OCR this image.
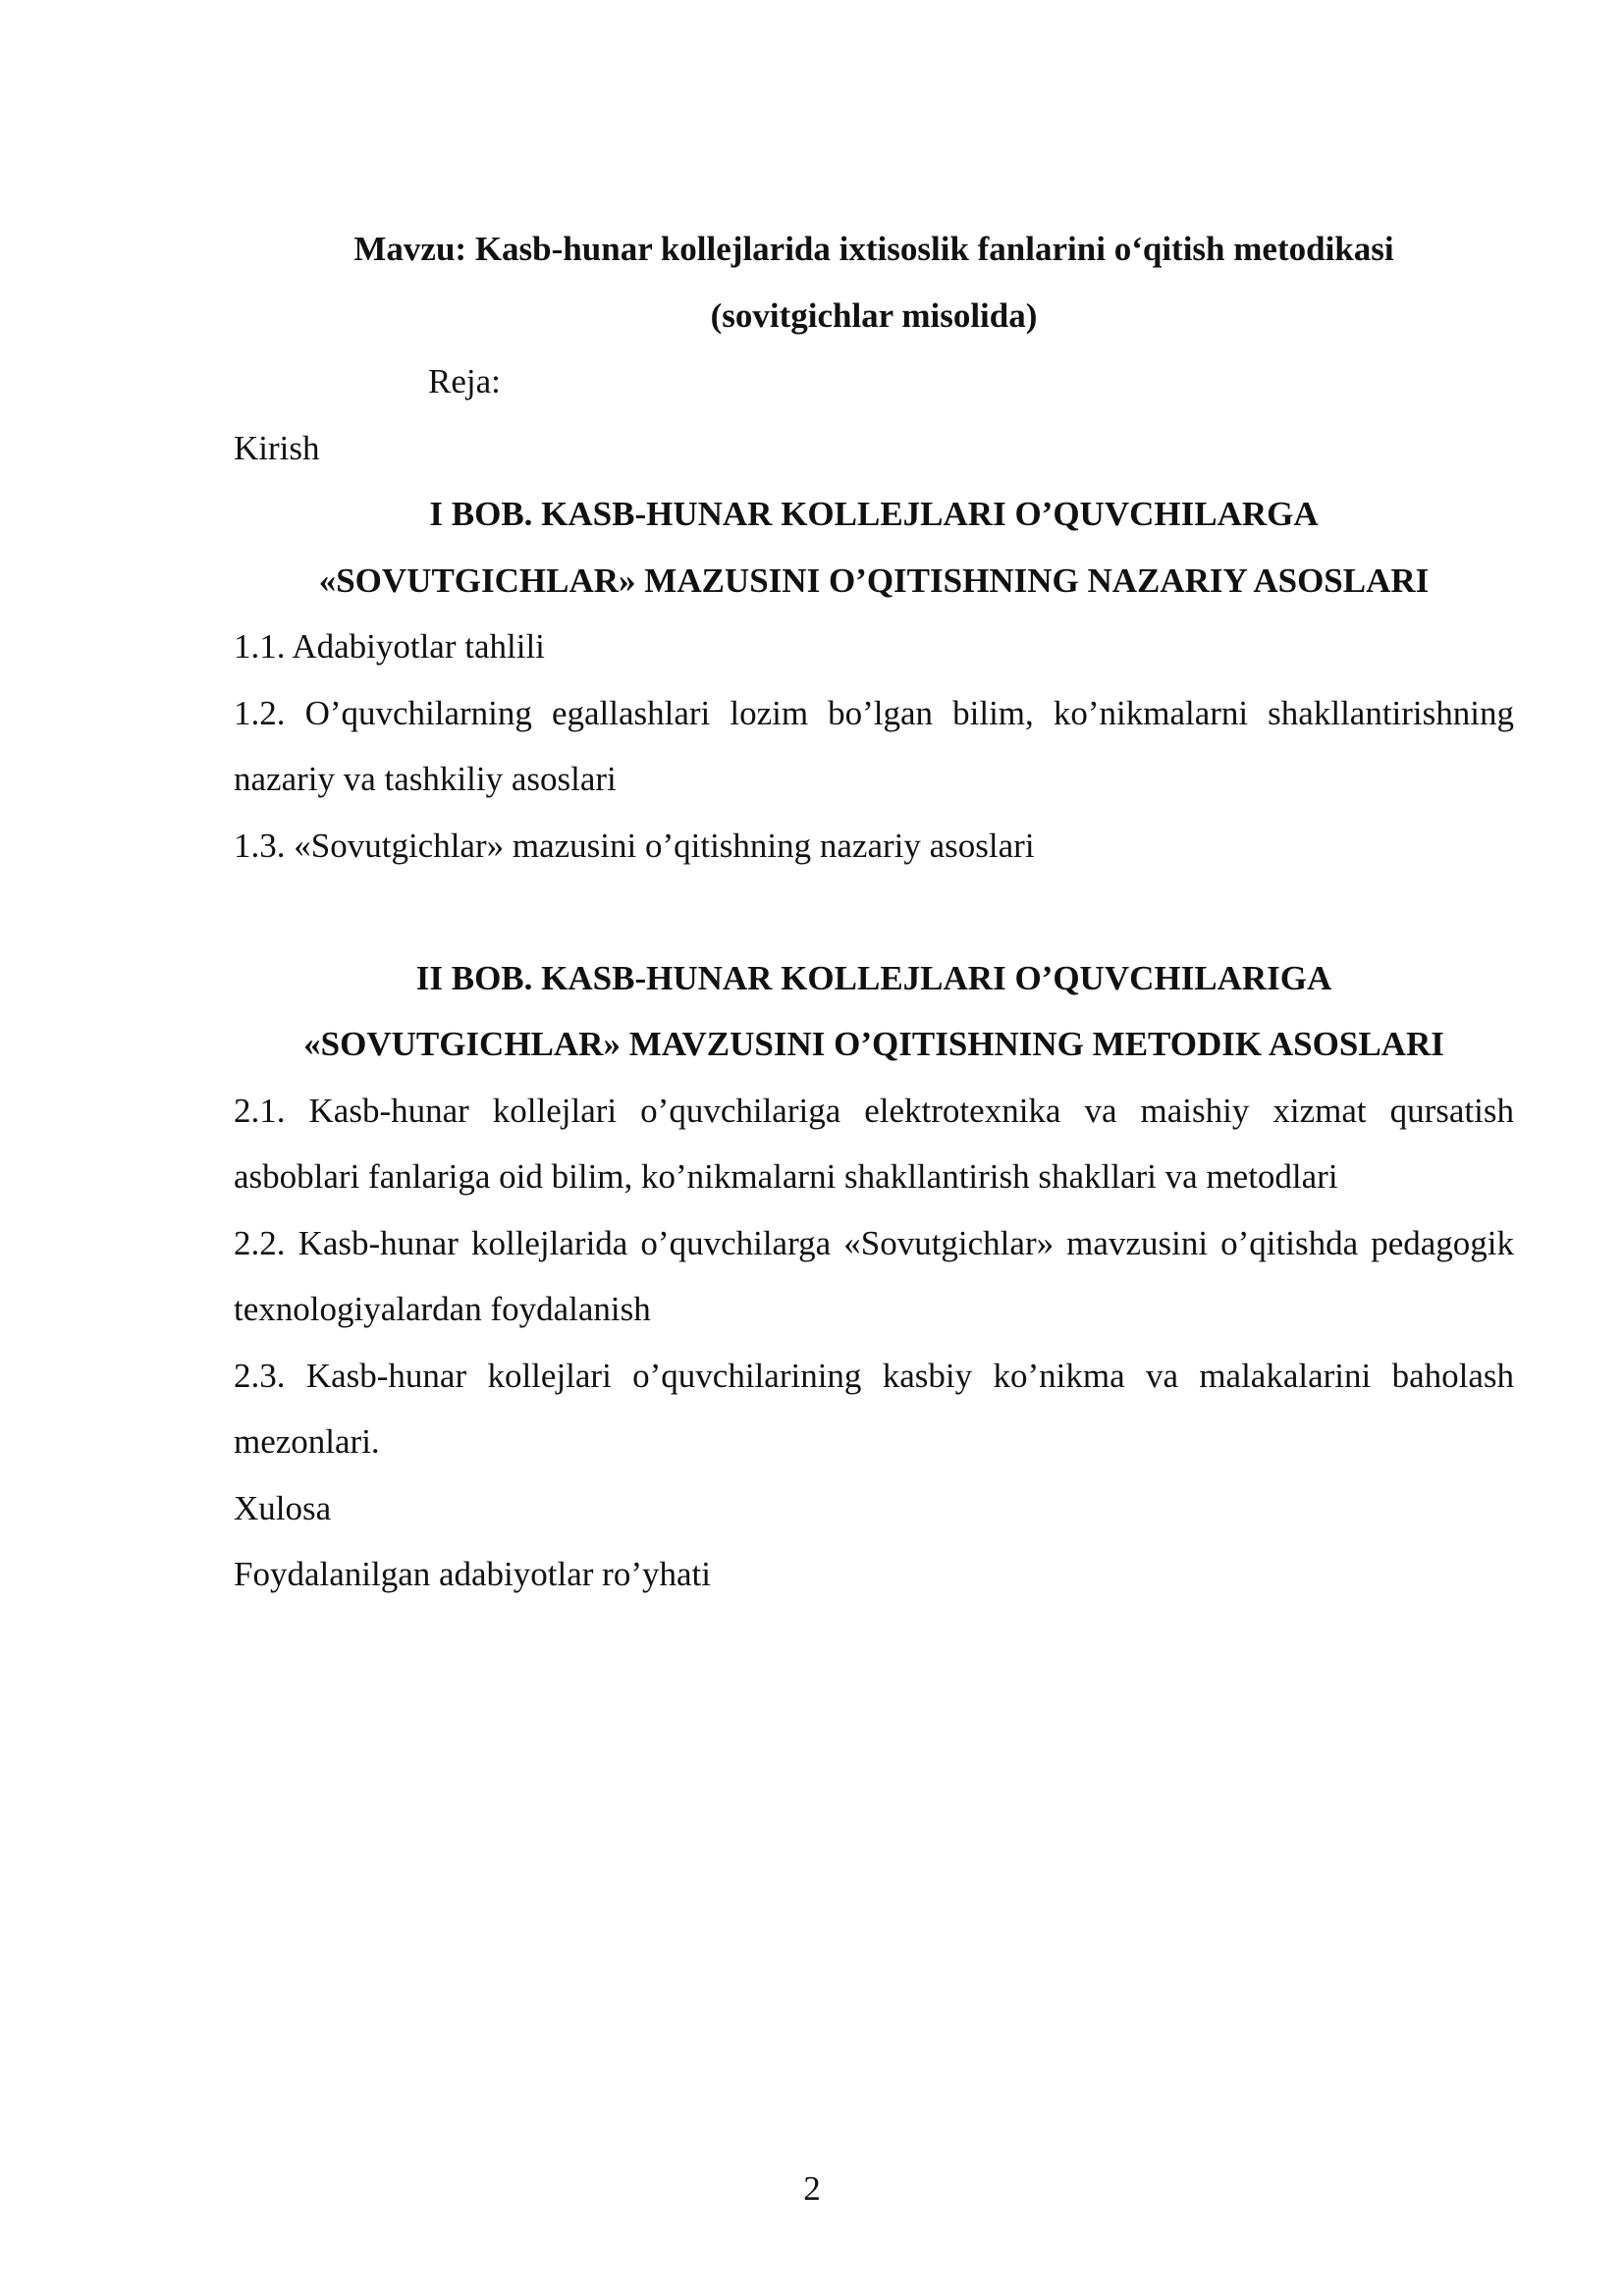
Mavzu: Kasb-hunar kollejlarida ixtisoslik fanlarini o‘qitish metodikasi
(sovitgichlar misolida)
Reja:
Kirish
I BOB. KASB-HUNAR KOLLEJLARI O’QUVCHILARGA
«SOVUTGICHLAR» MAZUSINI O’QITISHNING NAZARIY ASOSLARI
1.1. Adabiyotlar tahlili
1.2. O’quvchilarning egallashlari lozim bo’lgan bilim, ko’nikmalarni shakllantirishning nazariy va tashkiliy asoslari
1.3. «Sovutgichlar» mazusini o’qitishning nazariy asoslari
II BOB. KASB-HUNAR KOLLEJLARI O’QUVCHILARIGA
«SOVUTGICHLAR» MAVZUSINI O’QITISHNING METODIK ASOSLARI
2.1. Kasb-hunar kollejlari o’quvchilariga elektrotexnika va maishiy xizmat qursatish asboblari fanlariga oid bilim, ko’nikmalarni shakllantirish shakllari va metodlari
2.2. Kasb-hunar kollejlarida o’quvchilarga «Sovutgichlar» mavzusini o’qitishda pedagogik texnologiyalardan foydalanish
2.3. Kasb-hunar kollejlari o’quvchilarining kasbiy ko’nikma va malakalarini baholash mezonlari.
Xulosa
Foydalanilgan adabiyotlar ro’yhati
2
